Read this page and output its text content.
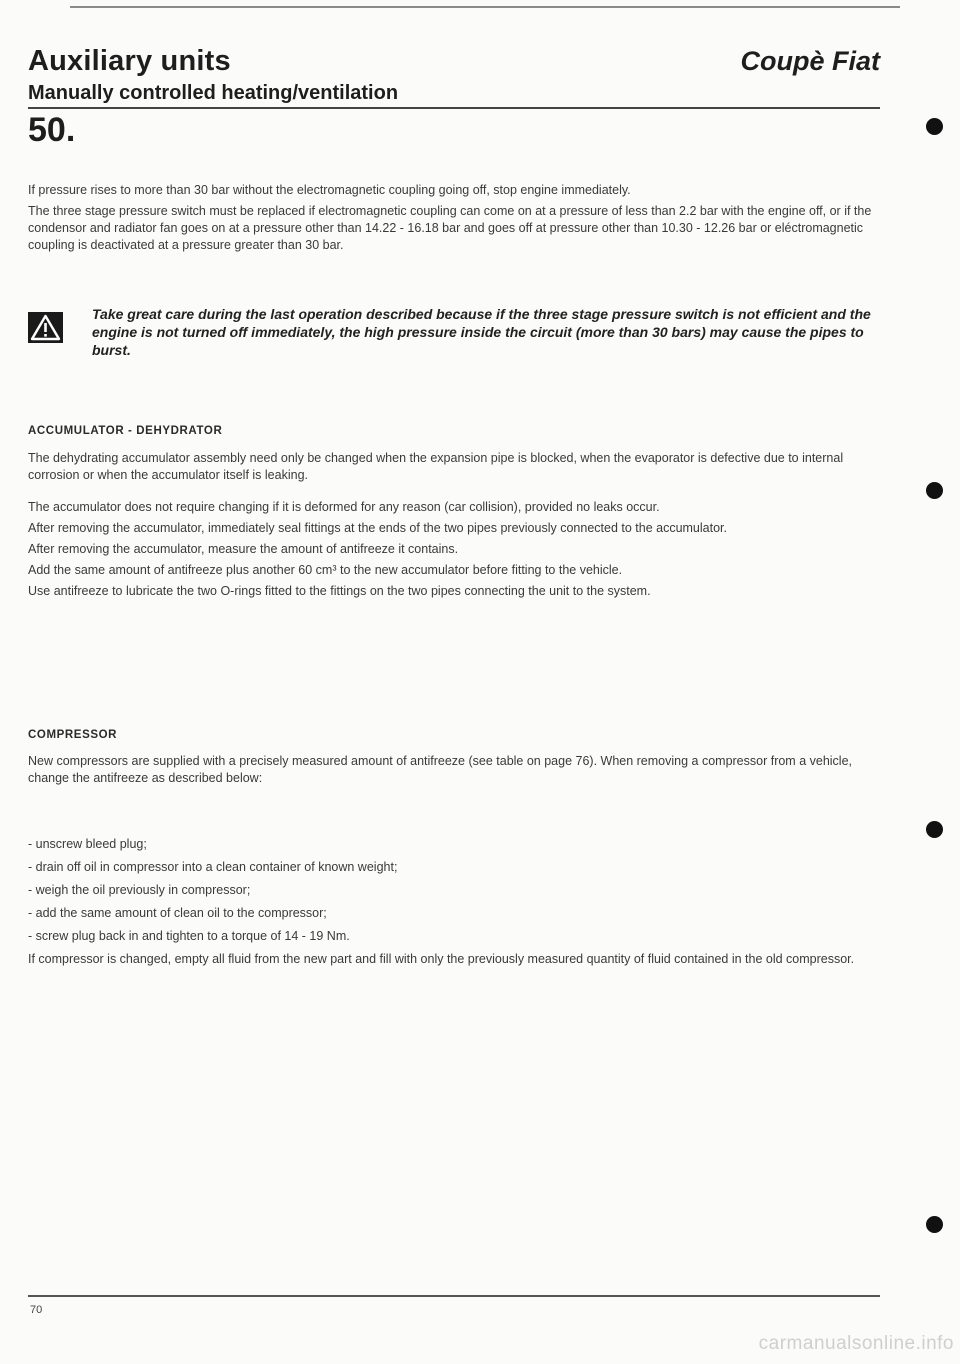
Auxiliary units	Coupè Fiat
Manually controlled heating/ventilation
50.

If pressure rises to more than 30 bar without the electromagnetic coupling going off, stop engine immediately.

The three stage pressure switch must be replaced if electromagnetic coupling can come on at a pressure of less than 2.2 bar with the engine off, or if the condensor and radiator fan goes on at a pressure other than 14.22 - 16.18 bar and goes off at pressure other than 10.30 - 12.26 bar or eléctromagnetic coupling is deactivated at a pressure greater than 30 bar.

Take great care during the last operation described because if the three stage pressure switch is not efficient and the engine is not turned off immediately, the high pressure inside the circuit (more than 30 bars) may cause the pipes to burst.
ACCUMULATOR - DEHYDRATOR

The dehydrating accumulator assembly need only be changed when the expansion pipe is blocked, when the evaporator is defective due to internal corrosion or when the accumulator itself is leaking.

The accumulator does not require changing if it is deformed for any reason (car collision), provided no leaks occur.

After removing the accumulator, immediately seal fittings at the ends of the two pipes previously connected to the accumulator.

After removing the accumulator, measure the amount of antifreeze it contains.

Add the same amount of antifreeze plus another 60 cm³ to the new accumulator before fitting to the vehicle.

Use antifreeze to lubricate the two O-rings fitted to the fittings on the two pipes connecting the unit to the system.

COMPRESSOR

New compressors are supplied with a precisely measured amount of antifreeze (see table on page 76). When removing a compressor from a vehicle, change the antifreeze as described below:

- unscrew bleed plug;
- drain off oil in compressor into a clean container of known weight;
- weigh the oil previously in compressor;
- add the same amount of clean oil to the compressor;
- screw plug back in and tighten to a torque of 14 - 19 Nm.

If compressor is changed, empty all fluid from the new part and fill with only the previously measured quantity of fluid contained in the old compressor.

70
carmanualsonline.info
